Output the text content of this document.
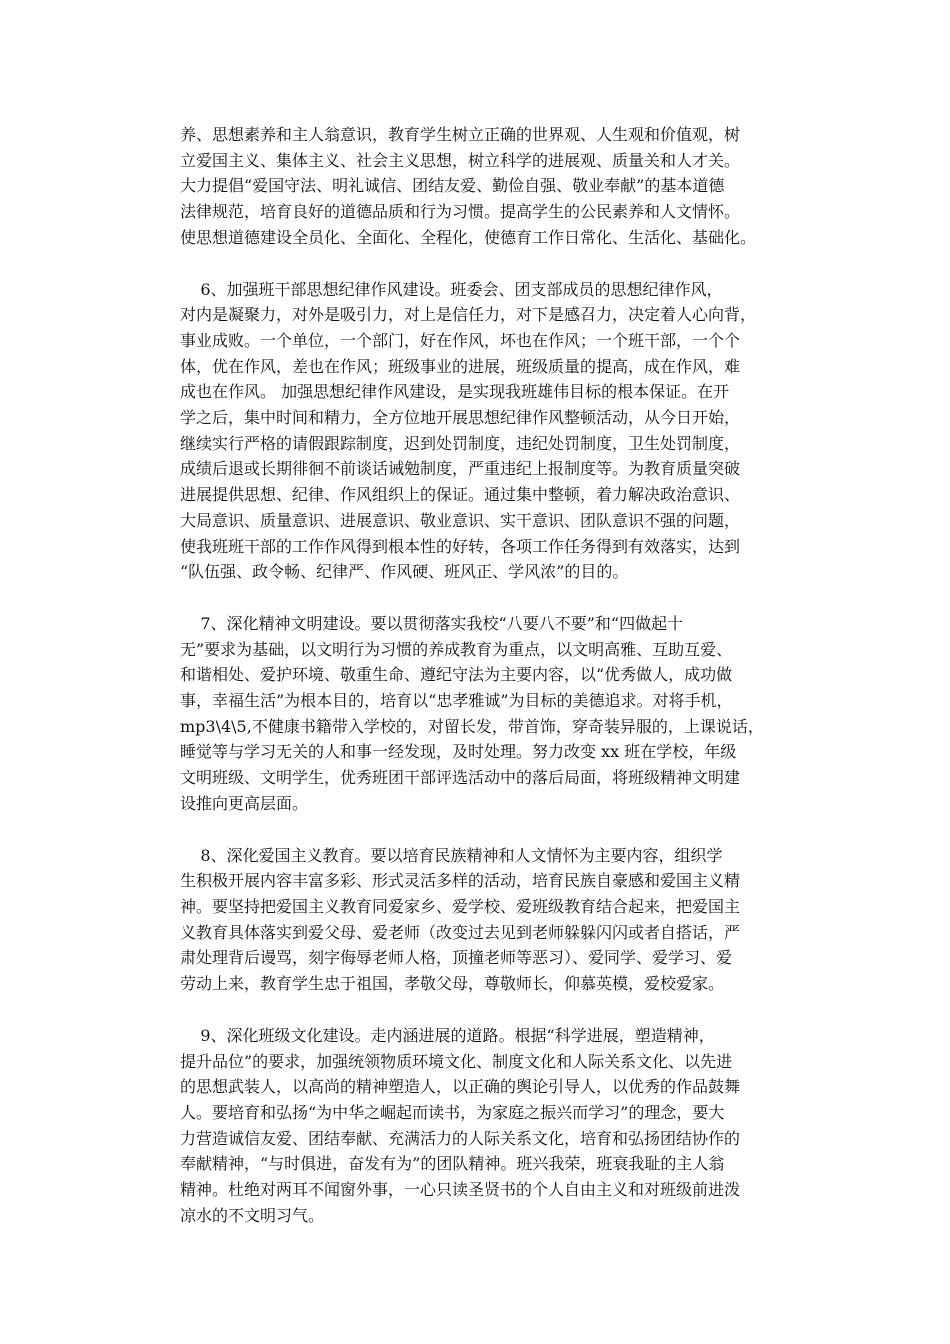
养、思想素养和主人翁意识，教育学生树立正确的世界观、人生观和价值观，树

立爱国主义、集体主义、社会主义思想，树立科学的进展观、质量关和人才关。

大力提倡“爱国守法、明礼诚信、团结友爱、勤俭自强、敬业奉献”的基本道德

法律规范，培育良好的道德品质和行为习惯。提高学生的公民素养和人文情怀。

使思想道德建设全员化、全面化、全程化，使德育工作日常化、生活化、基础化。

6、加强班干部思想纪律作风建设。班委会、团支部成员的思想纪律作风，

对内是凝聚力，对外是吸引力，对上是信任力，对下是感召力，决定着人心向背，

事业成败。一个单位，一个部门，好在作风，坏也在作风；一个班干部，一个个

体，优在作风，差也在作风；班级事业的进展，班级质量的提高，成在作风，难

成也在作风。 加强思想纪律作风建设，是实现我班雄伟目标的根本保证。在开

学之后，集中时间和精力，全方位地开展思想纪律作风整顿活动，从今日开始，

继续实行严格的请假跟踪制度，迟到处罚制度，违纪处罚制度，卫生处罚制度，

成绩后退或长期徘徊不前谈话诫勉制度，严重违纪上报制度等。为教育质量突破

进展提供思想、纪律、作风组织上的保证。通过集中整顿，着力解决政治意识、

大局意识、质量意识、进展意识、敬业意识、实干意识、团队意识不强的问题，

使我班班干部的工作作风得到根本性的好转，各项工作任务得到有效落实，达到

“队伍强、政令畅、纪律严、作风硬、班风正、学风浓”的目的。

7、深化精神文明建设。要以贯彻落实我校“八要八不要”和“四做起十

无”要求为基础，以文明行为习惯的养成教育为重点，以文明高雅、互助互爱、

和谐相处、爱护环境、敬重生命、遵纪守法为主要内容，以“优秀做人，成功做

事，幸福生活”为根本目的，培育以“忠孝雅诚”为目标的美德追求。对将手机，

mp3\4\5,不健康书籍带入学校的，对留长发，带首饰，穿奇装异服的，上课说话，

睡觉等与学习无关的人和事一经发现，及时处理。努力改变 xx 班在学校，年级

文明班级、文明学生，优秀班团干部评选活动中的落后局面，将班级精神文明建

设推向更高层面。

8、深化爱国主义教育。要以培育民族精神和人文情怀为主要内容，组织学

生积极开展内容丰富多彩、形式灵活多样的活动，培育民族自豪感和爱国主义精

神。要坚持把爱国主义教育同爱家乡、爱学校、爱班级教育结合起来，把爱国主

义教育具体落实到爱父母、爱老师（改变过去见到老师躲躲闪闪或者自搭话，严

肃处理背后谩骂，刻字侮辱老师人格，顶撞老师等恶习）、爱同学、爱学习、爱

劳动上来，教育学生忠于祖国，孝敬父母，尊敬师长，仰慕英模，爱校爱家。

9、深化班级文化建设。走内涵进展的道路。根据“科学进展，塑造精神，

提升品位”的要求，加强统领物质环境文化、制度文化和人际关系文化、以先进

的思想武装人，以高尚的精神塑造人，以正确的舆论引导人，以优秀的作品鼓舞

人。要培育和弘扬“为中华之崛起而读书，为家庭之振兴而学习”的理念，要大

力营造诚信友爱、团结奉献、充满活力的人际关系文化，培育和弘扬团结协作的

奉献精神，“与时俱进，奋发有为”的团队精神。班兴我荣，班衰我耻的主人翁

精神。杜绝对两耳不闻窗外事，一心只读圣贤书的个人自由主义和对班级前进泼

凉水的不文明习气。
